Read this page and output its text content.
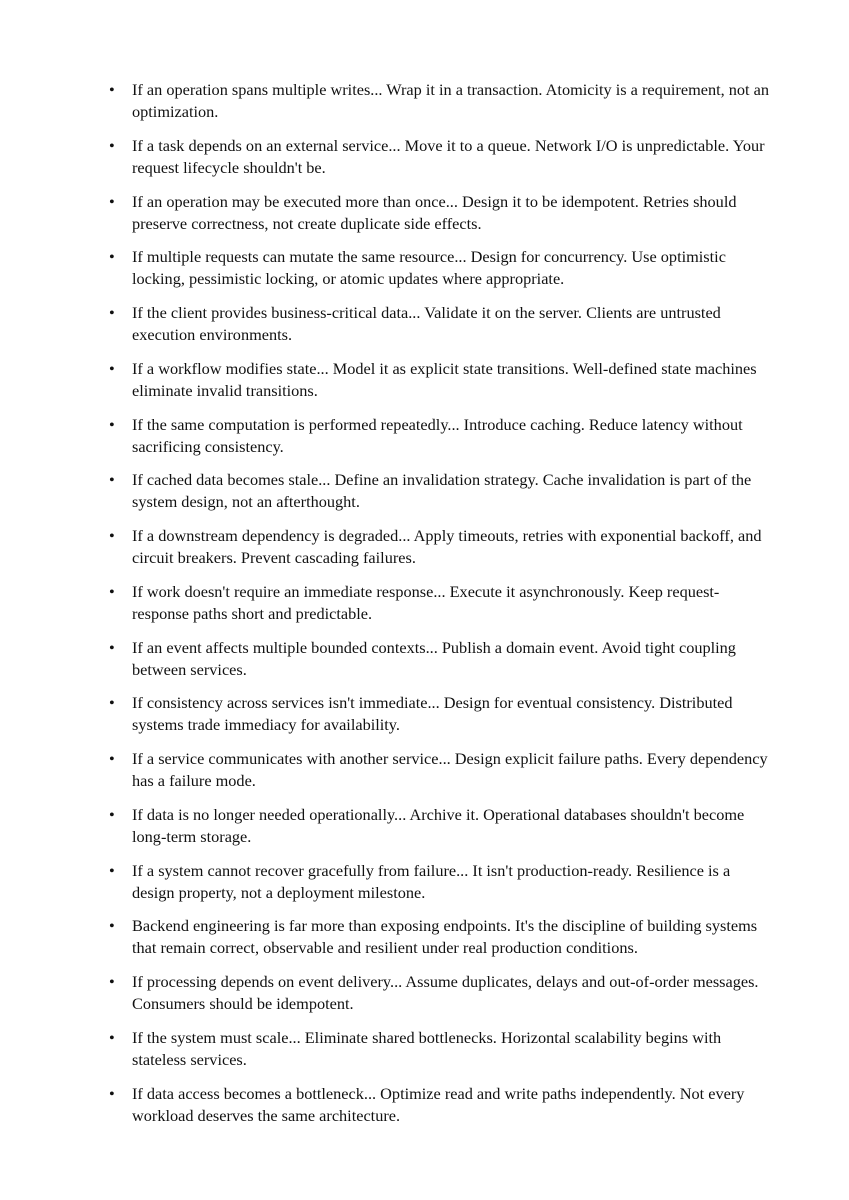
•	If an operation spans multiple writes... Wrap it in a transaction. Atomicity is a requirement, not an optimization.
•	If a task depends on an external service... Move it to a queue. Network I/O is unpredictable. Your request lifecycle shouldn't be.
•	If an operation may be executed more than once... Design it to be idempotent. Retries should preserve correctness, not create duplicate side effects.
•	If multiple requests can mutate the same resource... Design for concurrency. Use optimistic locking, pessimistic locking, or atomic updates where appropriate.
•	If the client provides business-critical data... Validate it on the server. Clients are untrusted execution environments.
•	If a workflow modifies state... Model it as explicit state transitions. Well-defined state machines eliminate invalid transitions.
•	If the same computation is performed repeatedly... Introduce caching. Reduce latency without sacrificing consistency.
•	If cached data becomes stale... Define an invalidation strategy. Cache invalidation is part of the system design, not an afterthought.
•	If a downstream dependency is degraded... Apply timeouts, retries with exponential backoff, and circuit breakers. Prevent cascading failures.
•	If work doesn't require an immediate response... Execute it asynchronously. Keep request-response paths short and predictable.
•	If an event affects multiple bounded contexts... Publish a domain event. Avoid tight coupling between services.
•	If consistency across services isn't immediate... Design for eventual consistency. Distributed systems trade immediacy for availability.
•	If a service communicates with another service... Design explicit failure paths. Every dependency has a failure mode.
•	If data is no longer needed operationally... Archive it. Operational databases shouldn't become long-term storage.
•	If a system cannot recover gracefully from failure... It isn't production-ready. Resilience is a design property, not a deployment milestone.
•	Backend engineering is far more than exposing endpoints. It's the discipline of building systems that remain correct, observable and resilient under real production conditions.
•	If processing depends on event delivery... Assume duplicates, delays and out-of-order messages. Consumers should be idempotent.
•	If the system must scale... Eliminate shared bottlenecks. Horizontal scalability begins with stateless services.
•	If data access becomes a bottleneck... Optimize read and write paths independently. Not every workload deserves the same architecture.
